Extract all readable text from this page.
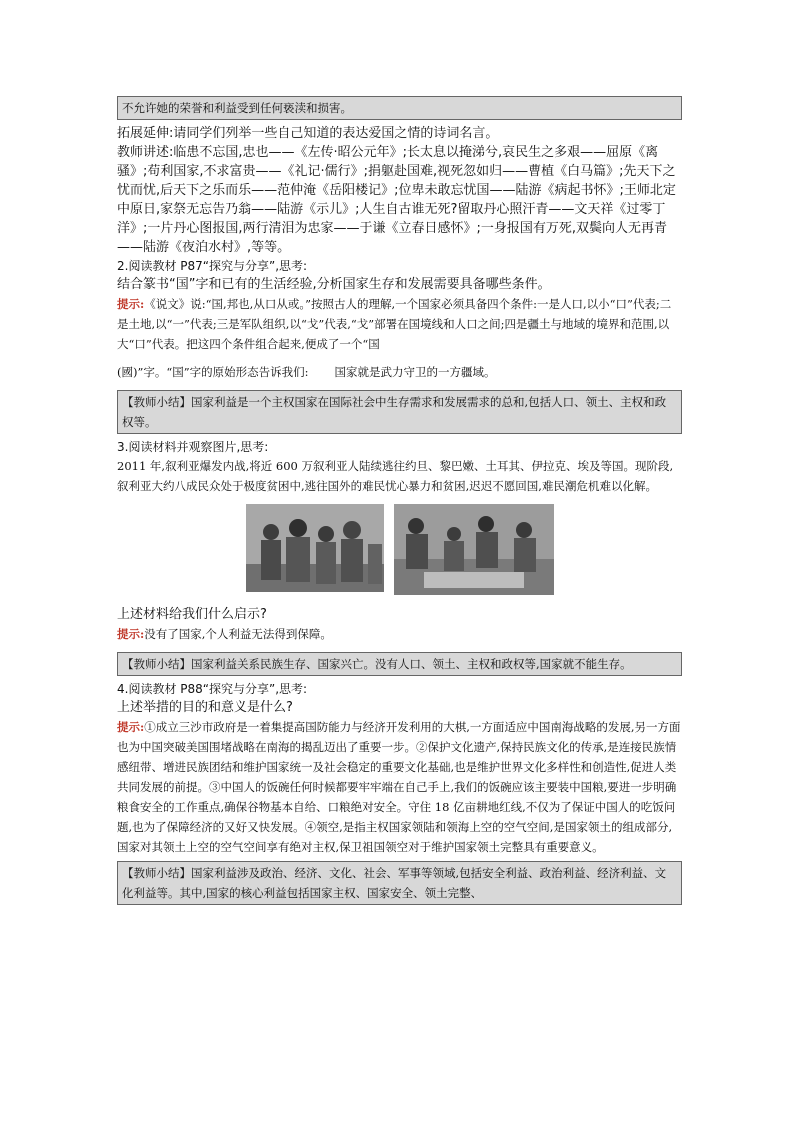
不允许她的荣誉和利益受到任何亵渎和损害。

拓展延伸:请同学们列举一些自己知道的表达爱国之情的诗词名言。

教师讲述:临患不忘国,忠也——《左传·昭公元年》;长太息以掩涕兮,哀民生之多艰——屈原《离骚》;苟利国家,不求富贵——《礼记·儒行》;捐躯赴国难,视死忽如归——曹植《白马篇》;先天下之忧而忧,后天下之乐而乐——范仲淹《岳阳楼记》;位卑未敢忘忧国——陆游《病起书怀》;王师北定中原日,家祭无忘告乃翁——陆游《示儿》;人生自古谁无死?留取丹心照汗青——文天祥《过零丁洋》;一片丹心图报国,两行清泪为忠家——于谦《立春日感怀》;一身报国有万死,双鬓向人无再青——陆游《夜泊水村》,等等。

2.阅读教材 P87“探究与分享”,思考:

结合篆书“国”字和已有的生活经验,分析国家生存和发展需要具备哪些条件。

提示:《说文》说:“国,邦也,从口从或。”按照古人的理解,一个国家必须具备四个条件:一是人口,以小“口”代表;二是土地,以“一”代表;三是军队组织,以“戈”代表,“戈”部署在国境线和人口之间;四是疆土与地域的境界和范围,以大“口”代表。把这四个条件组合起来,便成了一个“国

(國)”字。“国”字的原始形态告诉我们: 国家就是武力守卫的一方疆域。

【教师小结】国家利益是一个主权国家在国际社会中生存需求和发展需求的总和,包括人口、领土、主权和政权等。

3.阅读材料并观察图片,思考:

2011 年,叙利亚爆发内战,将近 600 万叙利亚人陆续逃往约旦、黎巴嫩、土耳其、伊拉克、埃及等国。现阶段,叙利亚大约八成民众处于极度贫困中,逃往国外的难民忧心暴力和贫困,迟迟不愿回国,难民潮危机难以化解。

上述材料给我们什么启示?

提示:没有了国家,个人利益无法得到保障。

【教师小结】国家利益关系民族生存、国家兴亡。没有人口、领土、主权和政权等,国家就不能生存。

4.阅读教材 P88“探究与分享”,思考:

上述举措的目的和意义是什么?

提示:①成立三沙市政府是一着集提高国防能力与经济开发利用的大棋,一方面适应中国南海战略的发展,另一方面也为中国突破美国围堵战略在南海的揭乱迈出了重要一步。②保护文化遗产,保持民族文化的传承,是连接民族情感纽带、增进民族团结和维护国家统一及社会稳定的重要文化基础,也是维护世界文化多样性和创造性,促进人类共同发展的前提。③中国人的饭碗任何时候都要牢牢端在自己手上,我们的饭碗应该主要装中国粮,要进一步明确粮食安全的工作重点,确保谷物基本自给、口粮绝对安全。守住 18 亿亩耕地红线,不仅为了保证中国人的吃饭问题,也为了保障经济的又好又快发展。④领空,是指主权国家领陆和领海上空的空气空间,是国家领土的组成部分,国家对其领土上空的空气空间享有绝对主权,保卫祖国领空对于维护国家领土完整具有重要意义。

【教师小结】国家利益涉及政治、经济、文化、社会、军事等领域,包括安全利益、政治利益、经济利益、文化利益等。其中,国家的核心利益包括国家主权、国家安全、领土完整、
